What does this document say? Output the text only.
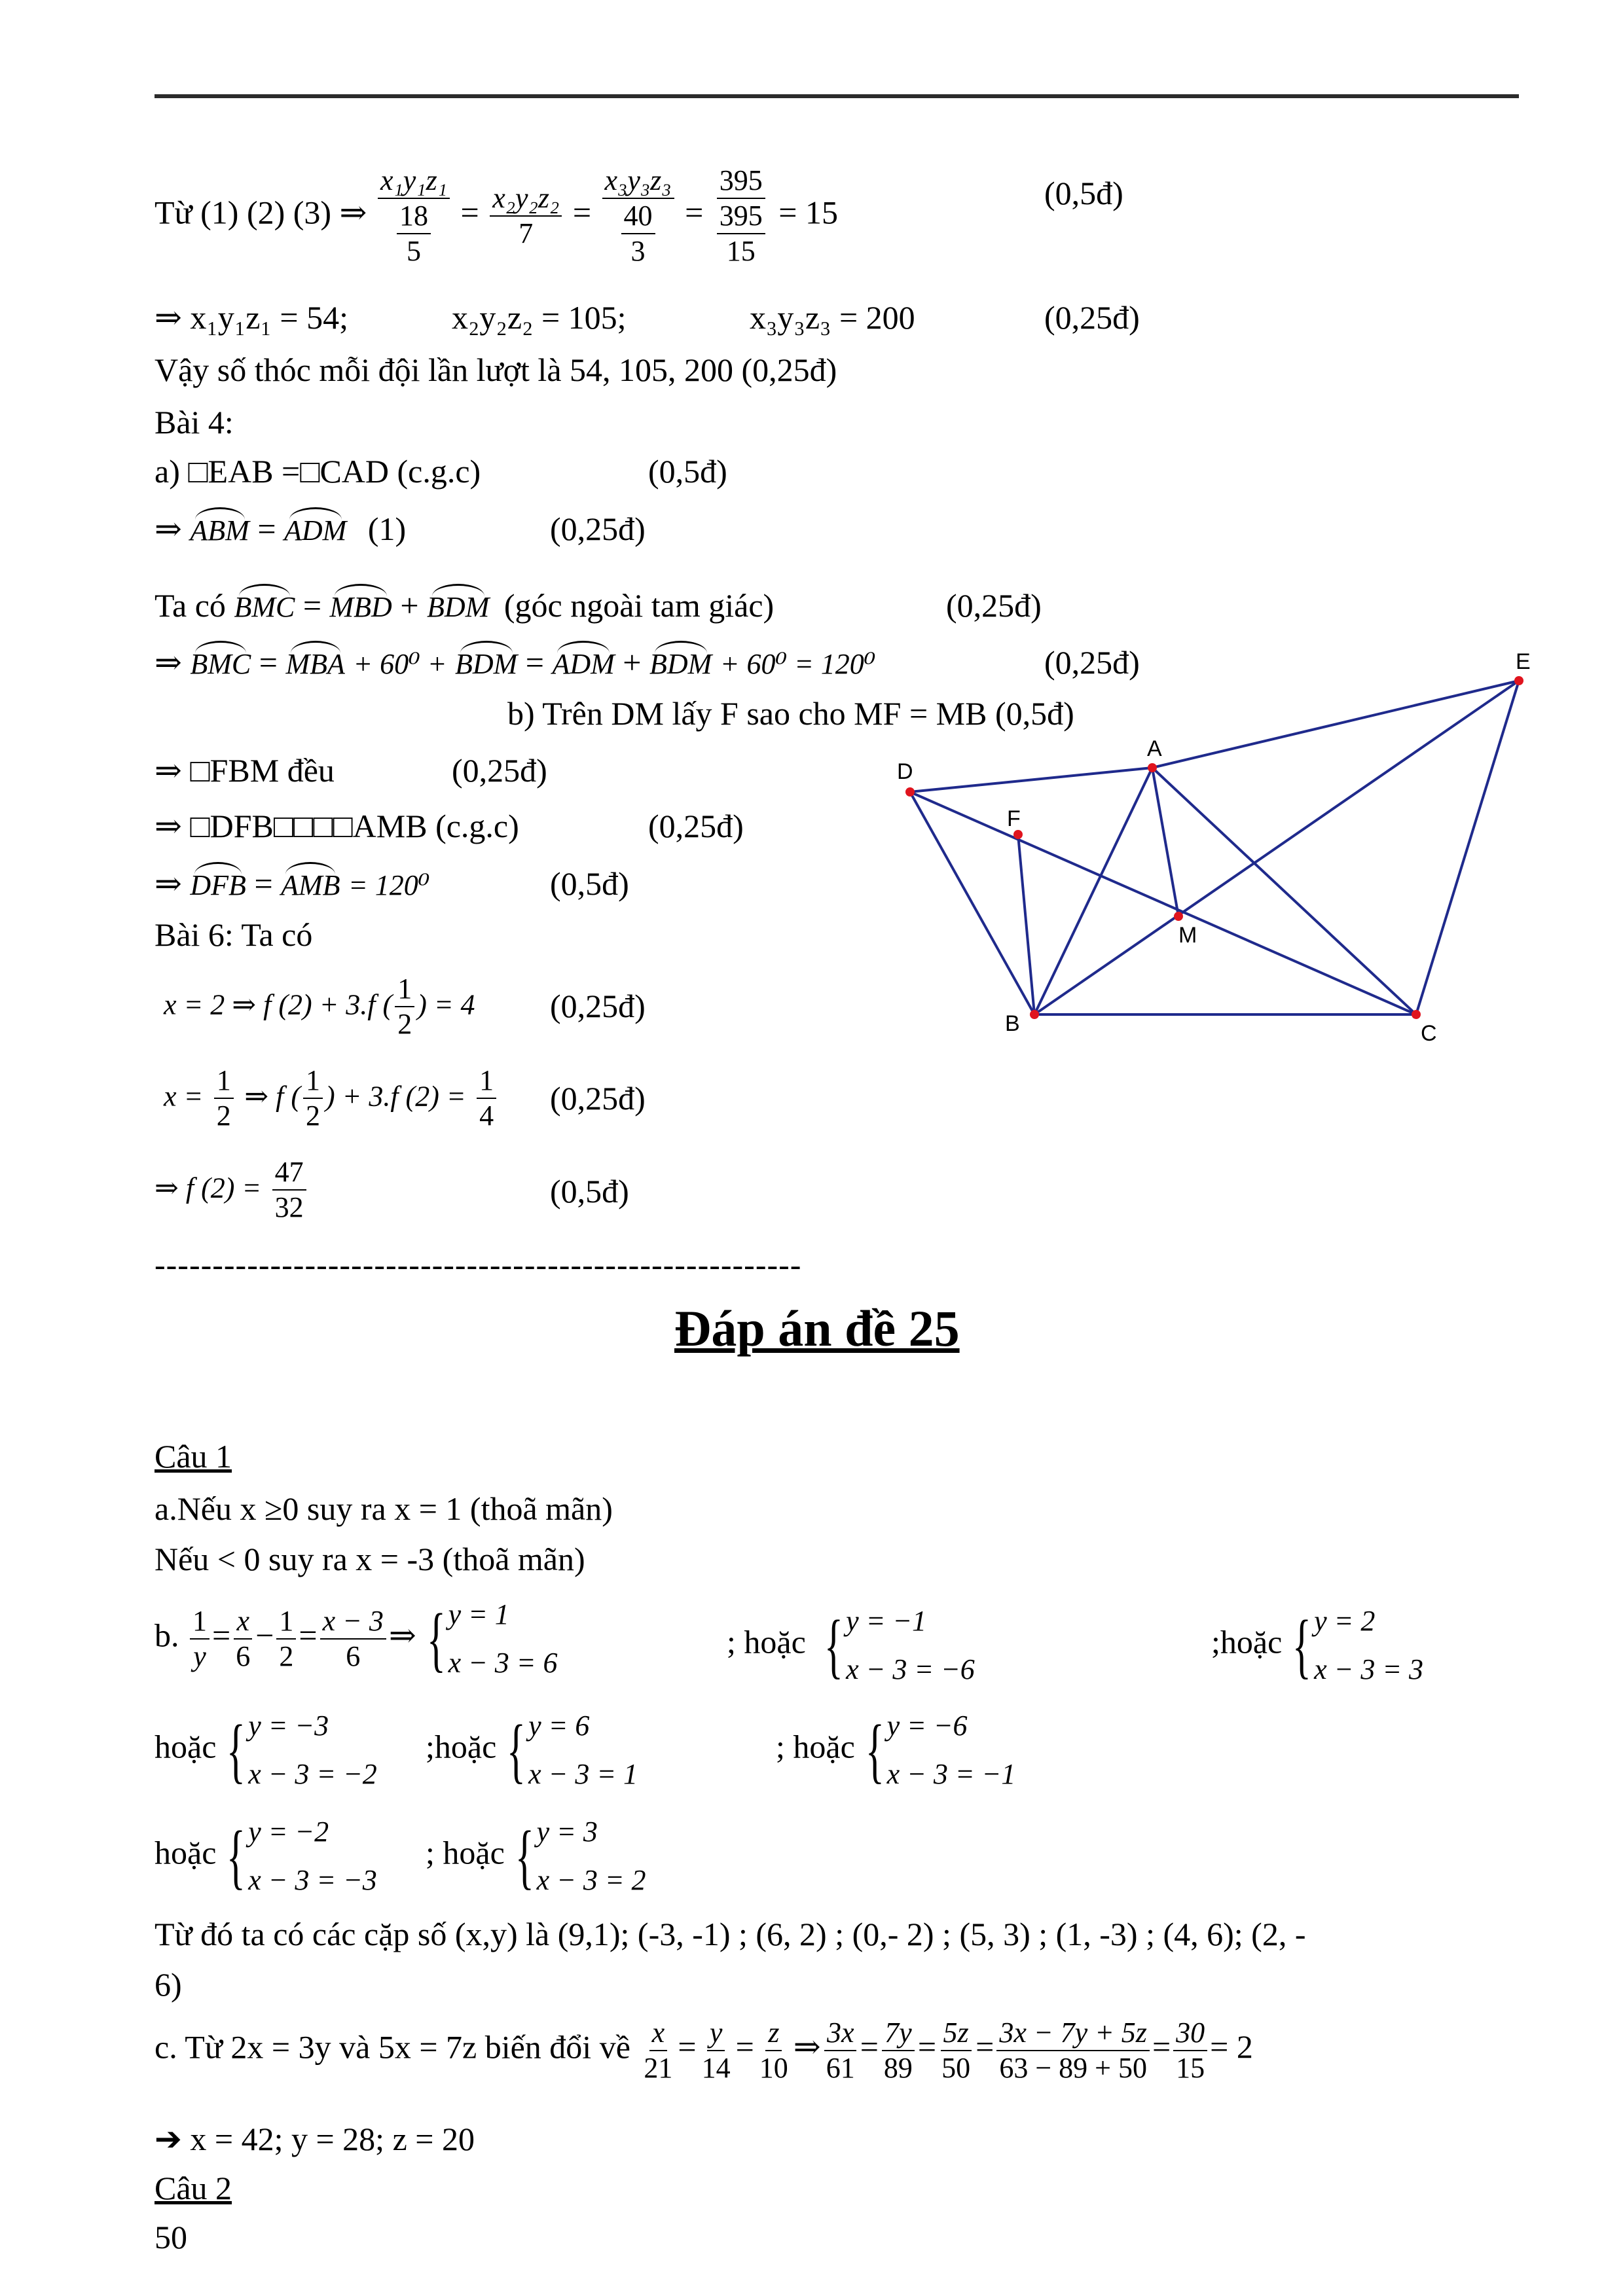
Từ (1) (2) (3) ⇒ $\frac{\text{x₁y₁z₁}}{\frac{18}{5}} = \frac{\text{x₂y₂z₂}}{7} = \frac{\text{x₃y₃z₃}}{\frac{40}{3}} = \frac{395}{\frac{395}{15}} = 15$
(0,5đ)
⇒ x₁y₁z₁ = 54;	x₂y₂z₂ = 105;	x₃y₃z₃ = 200	(0,25đ)
Vậy số thóc mỗi đội lần lượt là 54, 105, 200 (0,25đ)
Bài 4:
a) □EAB =□CAD (c.g.c)	(0,5đ)
⇒ ABM = ADM (1)	(0,25đ)
Ta có BMC = MBD + BDM (góc ngoài tam giác)	(0,25đ)
⇒ BMC = MBA + 60⁰ + BDM = ADM + BDM + 60⁰ = 120⁰	(0,25đ)
b) Trên DM lấy F sao cho MF = MB (0,5đ)
⇒ □FBM đều	(0,25đ)
⇒ □DFB□□□□AMB (c.g.c)	(0,25đ)
⇒ DFB = AMB = 120⁰	(0,5đ)
Bài 6: Ta có
x = 2 ⇒ f (2) + 3.f ( $\frac{1}{2}$ ) = 4 (0,25đ)
$x = \frac{1}{2}$ ⇒ f ( $\frac{1}{2}$ ) + 3.f $(2) = \frac{1}{4}$ (0,25đ)
⇒ f $(2) = \frac{47}{32}$	(0,5đ)
--------------------------------------------------------
D
A
E
F
M
B	C
Đáp án đề 25
Câu 1
a.Nếu x ≥0 suy ra x = 1 (thoã mãn)
Nếu < 0 suy ra x = -3 (thoã mãn)
b. $\frac{1}{y} = \frac{x}{6} - \frac{1}{2} = \frac{x - 3}{6}$ ⇒ { y = 1
x − 3 = 6
; hoặc { y = −1
x − 3 = −6
;hoặc { y = 2
x − 3 = 3
hoặc { y = −3
x − 3 = −2
;hoặc { y = 6
x − 3 = 1
; hoặc { y = −6
x − 3 = −1
hoặc { y = −2
x − 3 = −3
; hoặc { y = 3
x − 3 = 2
Từ đó ta có các cặp số (x,y) là (9,1); (-3, -1) ; (6, 2) ; (0,- 2) ; (5, 3) ; (1, -3) ; (4, 6); (2, -
6)
c. Từ 2x = 3y và 5x = 7z biến đổi về $\frac{x}{21} = \frac{y}{14} = \frac{z}{10}$ ⇒ $\frac{3x}{61} = \frac{7y}{89} = \frac{5z}{50} = \frac{3x - 7y + 5z}{63 - 89 + 50} = \frac{30}{15} = 2$
➔ x = 42; y = 28; z = 20
Câu 2
50
